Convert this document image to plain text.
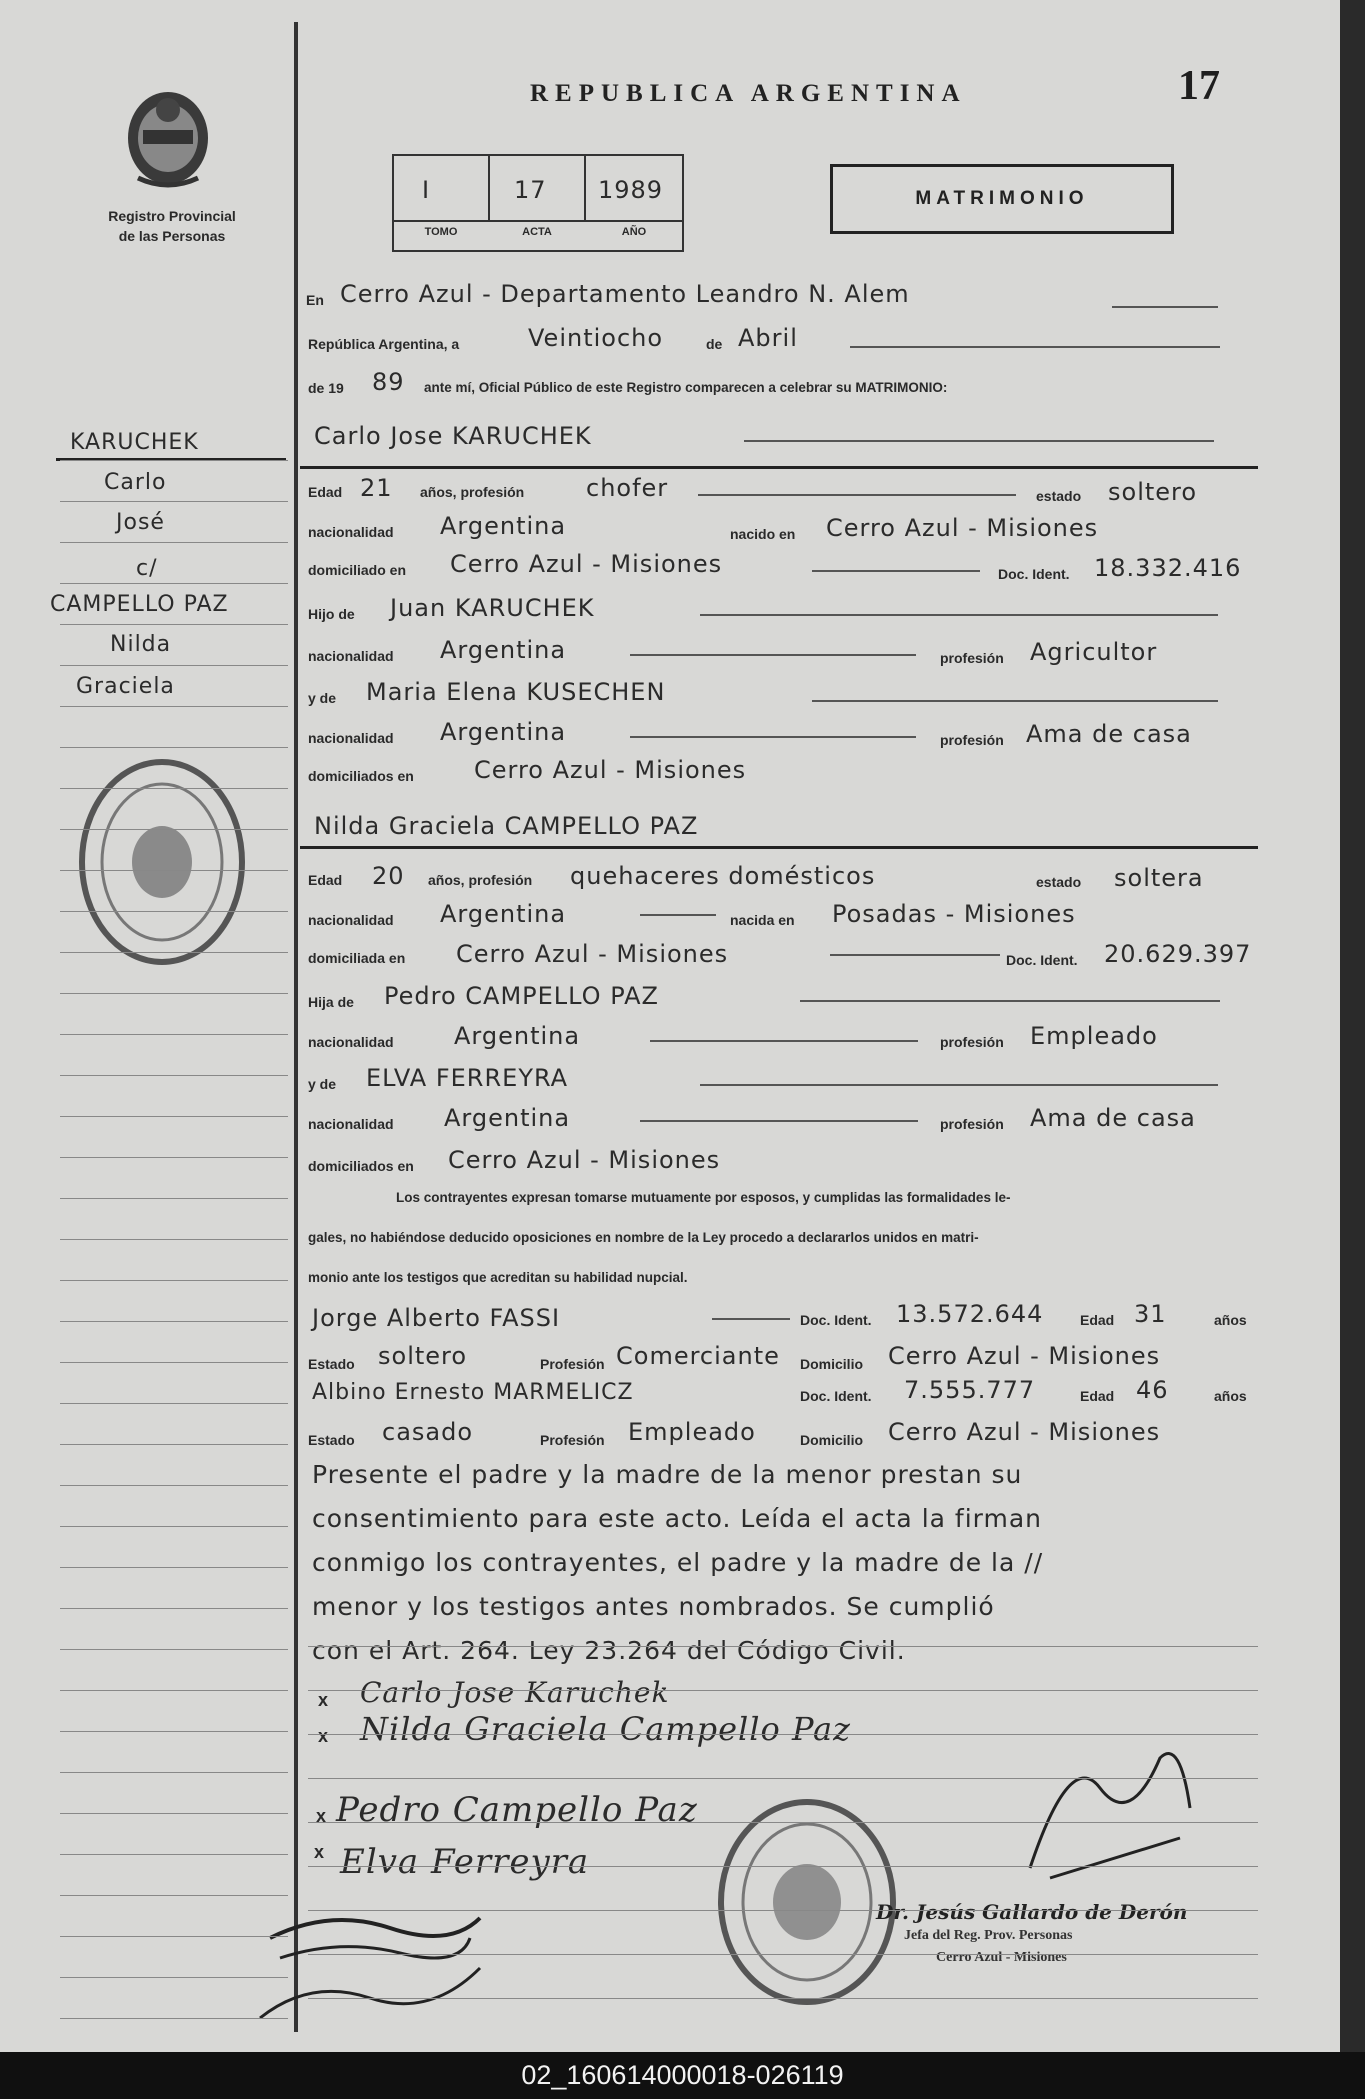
Registro Provincial
de las Personas
REPUBLICA ARGENTINA	17
I	17 1989
TOMO	ACTA	AÑO
MATRIMONIO
En Cerro Azul - Departamento Leandro N. Alem
República Argentina, a	Veintiocho	de Abril
de 19 89 ante mí, Oficial Público de este Registro comparecen a celebrar su MATRIMONIO:
KARUCHEK
Carlo
José
c/
CAMPELLO PAZ
Nilda
Gracielа
Carlo Jose KARUCHEK
Edad 21 años, profesión	chofer	estado soltero
nacionalidad Argentina	nacido en Cerro Azul - Misiones
domiciliado en Cerro Azul - Misiones	Doc. Ident. 18.332.416
Hijo de Juan KARUCHEK
nacionalidad Argentina	profesión Agricultor
y de Maria Elena KUSECHEN
nacionalidad Argentina	profesión Ama de casa
domiciliados en	Cerro Azul - Misiones
Nilda Graciela CAMPELLO PAZ
Edad 20 años, profesión quehaceres domésticos	estado soltera
nacionalidad Argentina	nacida en Posadas - Misiones
domiciliada en Cerro Azul - Misiones	Doc. Ident. 20.629.397
Hija de Pedro CAMPELLO PAZ
nacionalidad	Argentina	profesión Empleado
y de ELVA FERREYRA
nacionalidad Argentina	profesión Ama de casa
domiciliados en Cerro Azul - Misiones
Los contrayentes expresan tomarse mutuamente por esposos, y cumplidas las formalidades le-
gales, no habiéndose deducido oposiciones en nombre de la Ley procedo a declararlos unidos en matri-
monio ante los testigos que acreditan su habilidad nupcial.
Jorge Alberto FASSI	Doc. Ident. 13.572.644	Edad 31	años
Estado soltero	Profesión Comerciante Domicilio Cerro Azul - Misiones
Albino Ernesto MARMELICZ	Doc. Ident. 7.555.777	Edad 46	años
Estado casado	Profesión Empleado	Domicilio Cerro Azul - Misiones
Presente el padre y la madre de la menor prestan su
consentimiento para este acto. Leída el acta la firman
conmigo los contrayentes, el padre y la madre de la //
menor y los testigos antes nombrados. Se cumplió
con el Art. 264. Ley 23.264 del Código Civil.
x Carlo Jose Karuchek
x Nilda Graciela Campello Paz
x Pedro Campello Paz
x Elva Ferreyra
Dr. Jesús Gallardo de Derón
Jefa del Reg. Prov. Personas
Cerro Azul - Misiones
02_160614000018-026119
